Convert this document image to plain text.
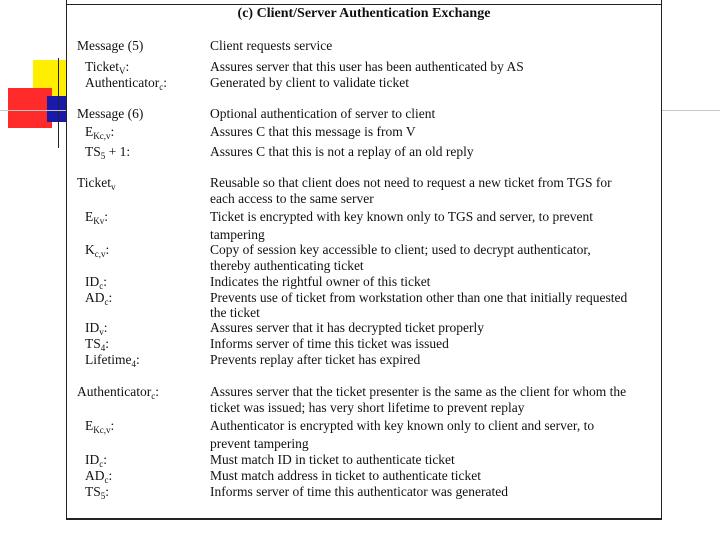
(c) Client/Server Authentication Exchange
Message (5)	Client requests service
Ticket$_V$:	Assures server that this user has been authenticated by AS
Authenticator$_c$:	Generated by client to validate ticket
Message (6)	Optional authentication of server to client
$E_{Kc,v}$:	Assures C that this message is from V
$TS_5 + 1$:	Assures C that this is not a replay of an old reply
Ticket$_v$	Reusable so that client does not need to request a new ticket from TGS for
each access to the same server
$E_{Kv}$:	Ticket is encrypted with key known only to TGS and server, to prevent
tampering
$K_{c,v}$:	Copy of session key accessible to client; used to decrypt authenticator,
thereby authenticating ticket
$ID_c$:	Indicates the rightful owner of this ticket
$AD_c$:	Prevents use of ticket from workstation other than one that initially requested
the ticket
$ID_v$:	Assures server that it has decrypted ticket properly
$TS_4$:	Informs server of time this ticket was issued
Lifetime$_4$:	Prevents replay after ticket has expired
Authenticator$_c$:	Assures server that the ticket presenter is the same as the client for whom the
ticket was issued; has very short lifetime to prevent replay
$E_{Kc,v}$:	Authenticator is encrypted with key known only to client and server, to
prevent tampering
$ID_c$:	Must match ID in ticket to authenticate ticket
$AD_c$:	Must match address in ticket to authenticate ticket
$TS_5$:	Informs server of time this authenticator was generated
